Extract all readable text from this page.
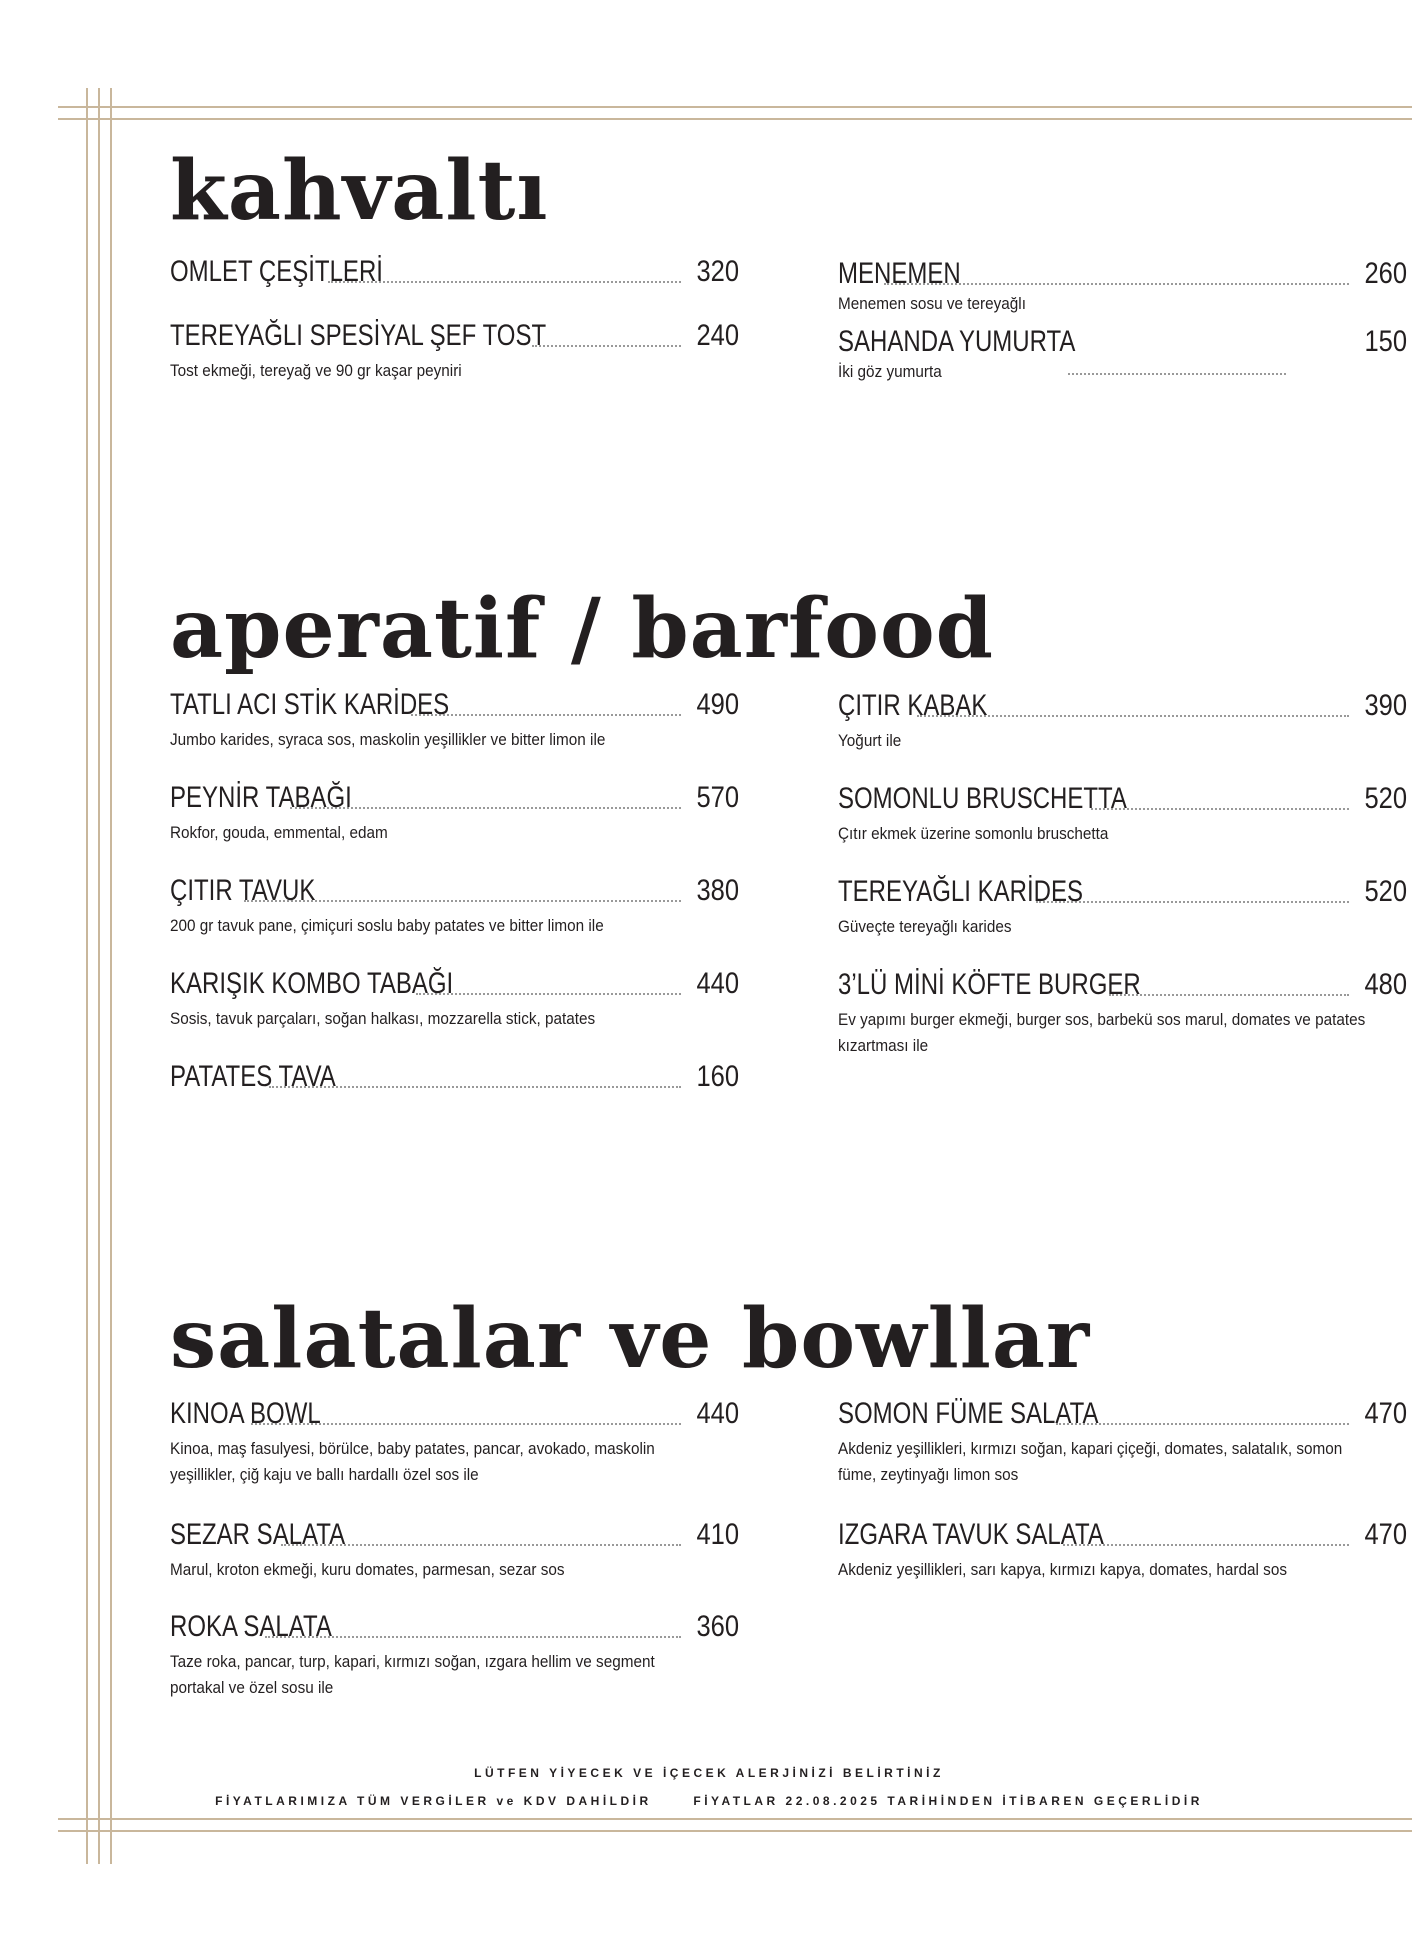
kahvaltı
OMLET ÇEŞİTLERİ	320
TEREYAĞLI SPESİYAL ŞEF TOST	240
Tost ekmeği, tereyağ ve 90 gr kaşar peyniri
MENEMEN	260
Menemen sosu ve tereyağlı
SAHANDA YUMURTA	150
İki göz yumurta
aperatif / barfood
TATLI ACI STİK KARİDES	490
Jumbo karides, syraca sos, maskolin yeşillikler ve bitter limon ile
PEYNİR TABAĞI	570
Rokfor, gouda, emmental, edam
ÇITIR TAVUK	380
200 gr tavuk pane, çimiçuri soslu baby patates ve bitter limon ile
KARIŞIK KOMBO TABAĞI	440
Sosis, tavuk parçaları, soğan halkası, mozzarella stick, patates
PATATES TAVA	160
ÇITIR KABAK	390
Yoğurt ile
SOMONLU BRUSCHETTA	520
Çıtır ekmek üzerine somonlu bruschetta
TEREYAĞLI KARİDES	520
Güveçte tereyağlı karides
3’LÜ MİNİ KÖFTE BURGER	480
Ev yapımı burger ekmeği, burger sos, barbekü sos marul, domates ve patates kızartması ile
salatalar ve bowllar
KINOA BOWL	440
Kinoa, maş fasulyesi, börülce, baby patates, pancar, avokado, maskolin yeşillikler, çiğ kaju ve ballı hardallı özel sos ile
SEZAR SALATA	410
Marul, kroton ekmeği, kuru domates, parmesan, sezar sos
ROKA SALATA	360
Taze roka, pancar, turp, kapari, kırmızı soğan, ızgara hellim ve segment portakal ve özel sosu ile
SOMON FÜME SALATA	470
Akdeniz yeşillikleri, kırmızı soğan, kapari çiçeği, domates, salatalık, somon füme, zeytinyağı limon sos
IZGARA TAVUK SALATA	470
Akdeniz yeşillikleri, sarı kapya, kırmızı kapya, domates, hardal sos
LÜTFEN YİYECEK VE İÇECEK ALERJİNİZİ BELİRTİNİZ
FİYATLARIMIZA TÜM VERGİLER ve KDV DAHİLDİR	FİYATLAR 22.08.2025 TARİHİNDEN İTİBAREN GEÇERLİDİR
